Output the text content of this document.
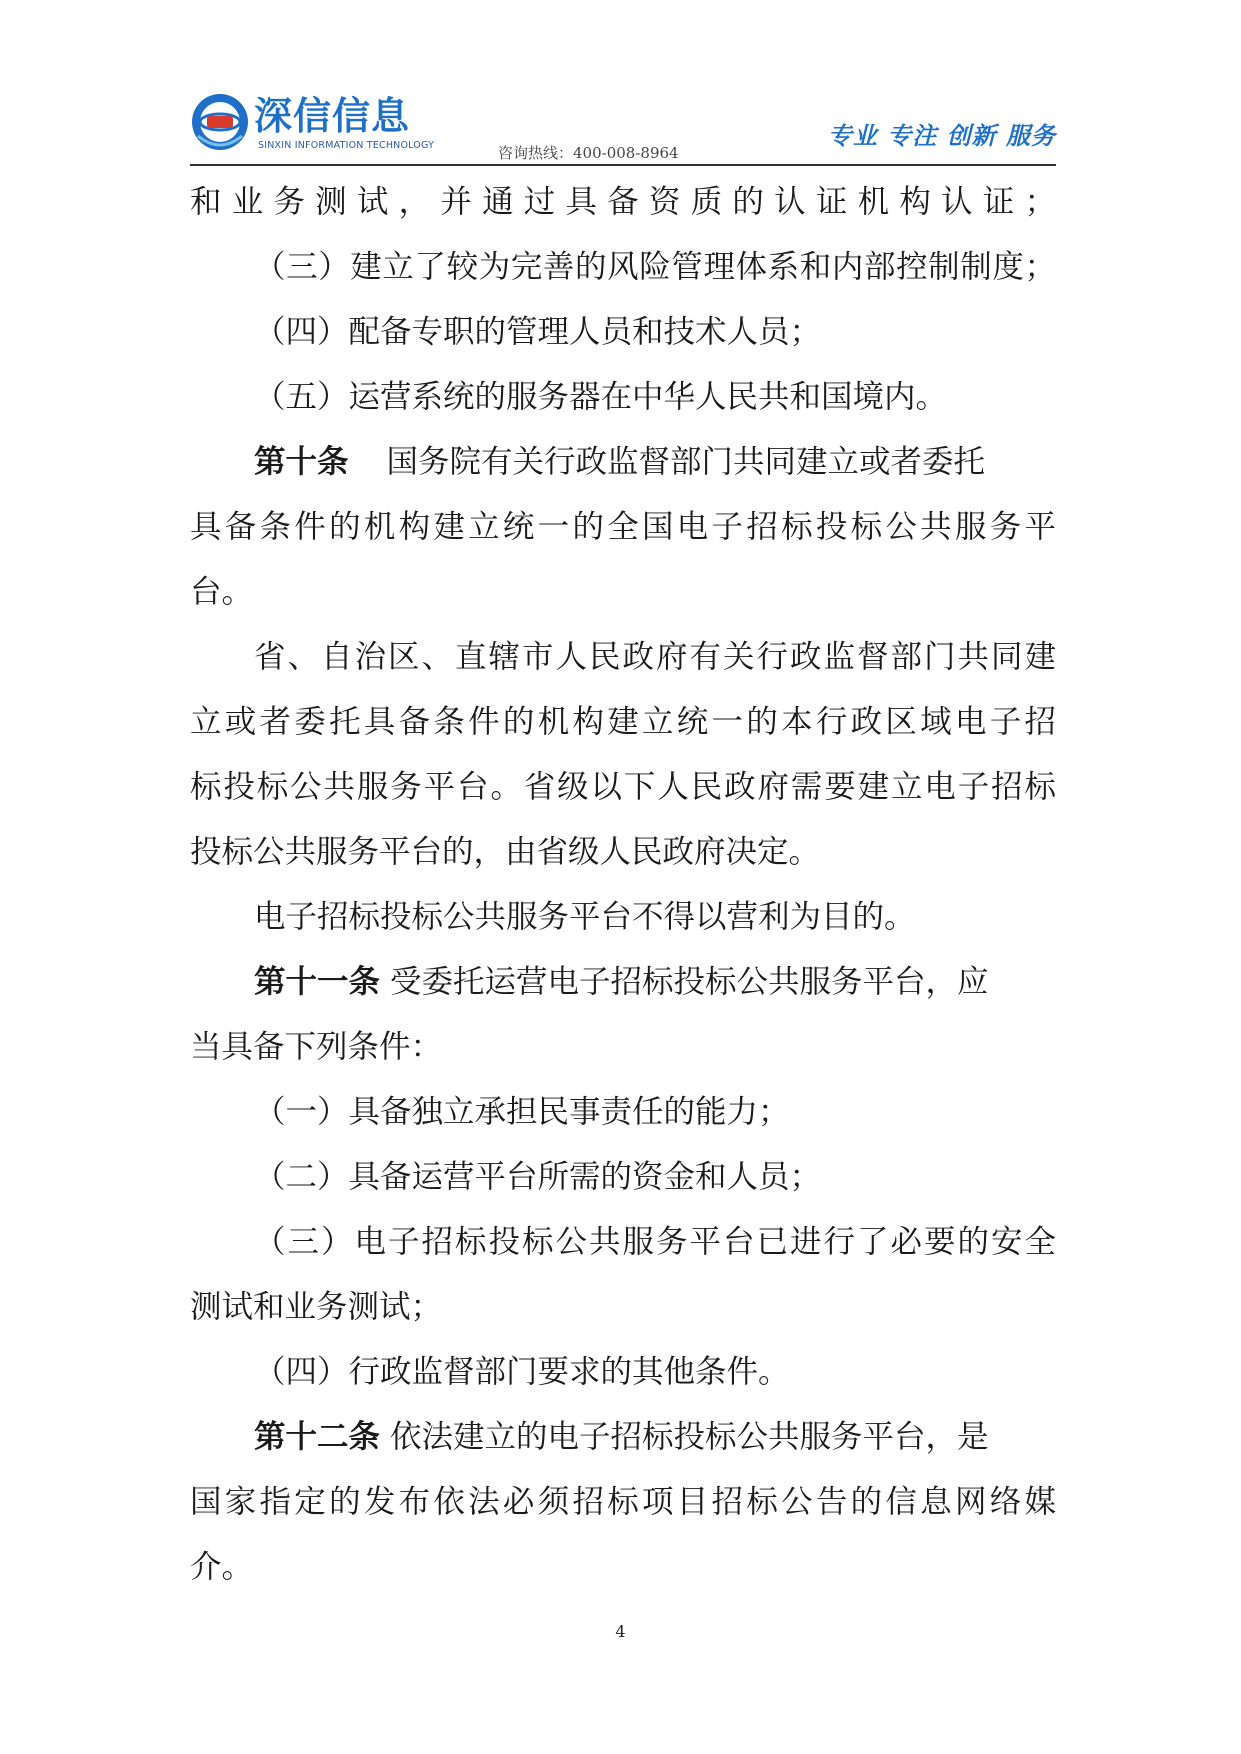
深信信息
SINXIN INFORMATION TECHNOLOGY	咨询热线：400-008-8964
专业 专注 创新 服务
和业务测试，并通过具备资质的认证机构认证；
（三）建立了较为完善的风险管理体系和内部控制制度；
（四）配备专职的管理人员和技术人员；
（五）运营系统的服务器在中华人民共和国境内。
第十条 国务院有关行政监督部门共同建立或者委托
具备条件的机构建立统一的全国电子招标投标公共服务平
台。
省、自治区、直辖市人民政府有关行政监督部门共同建
立或者委托具备条件的机构建立统一的本行政区域电子招
标投标公共服务平台。省级以下人民政府需要建立电子招标
投标公共服务平台的，由省级人民政府决定。
电子招标投标公共服务平台不得以营利为目的。
第十一条 受委托运营电子招标投标公共服务平台，应
当具备下列条件：
（一）具备独立承担民事责任的能力；
（二）具备运营平台所需的资金和人员；
（三）电子招标投标公共服务平台已进行了必要的安全
测试和业务测试；
（四）行政监督部门要求的其他条件。
第十二条 依法建立的电子招标投标公共服务平台，是
国家指定的发布依法必须招标项目招标公告的信息网络媒
介。
4
